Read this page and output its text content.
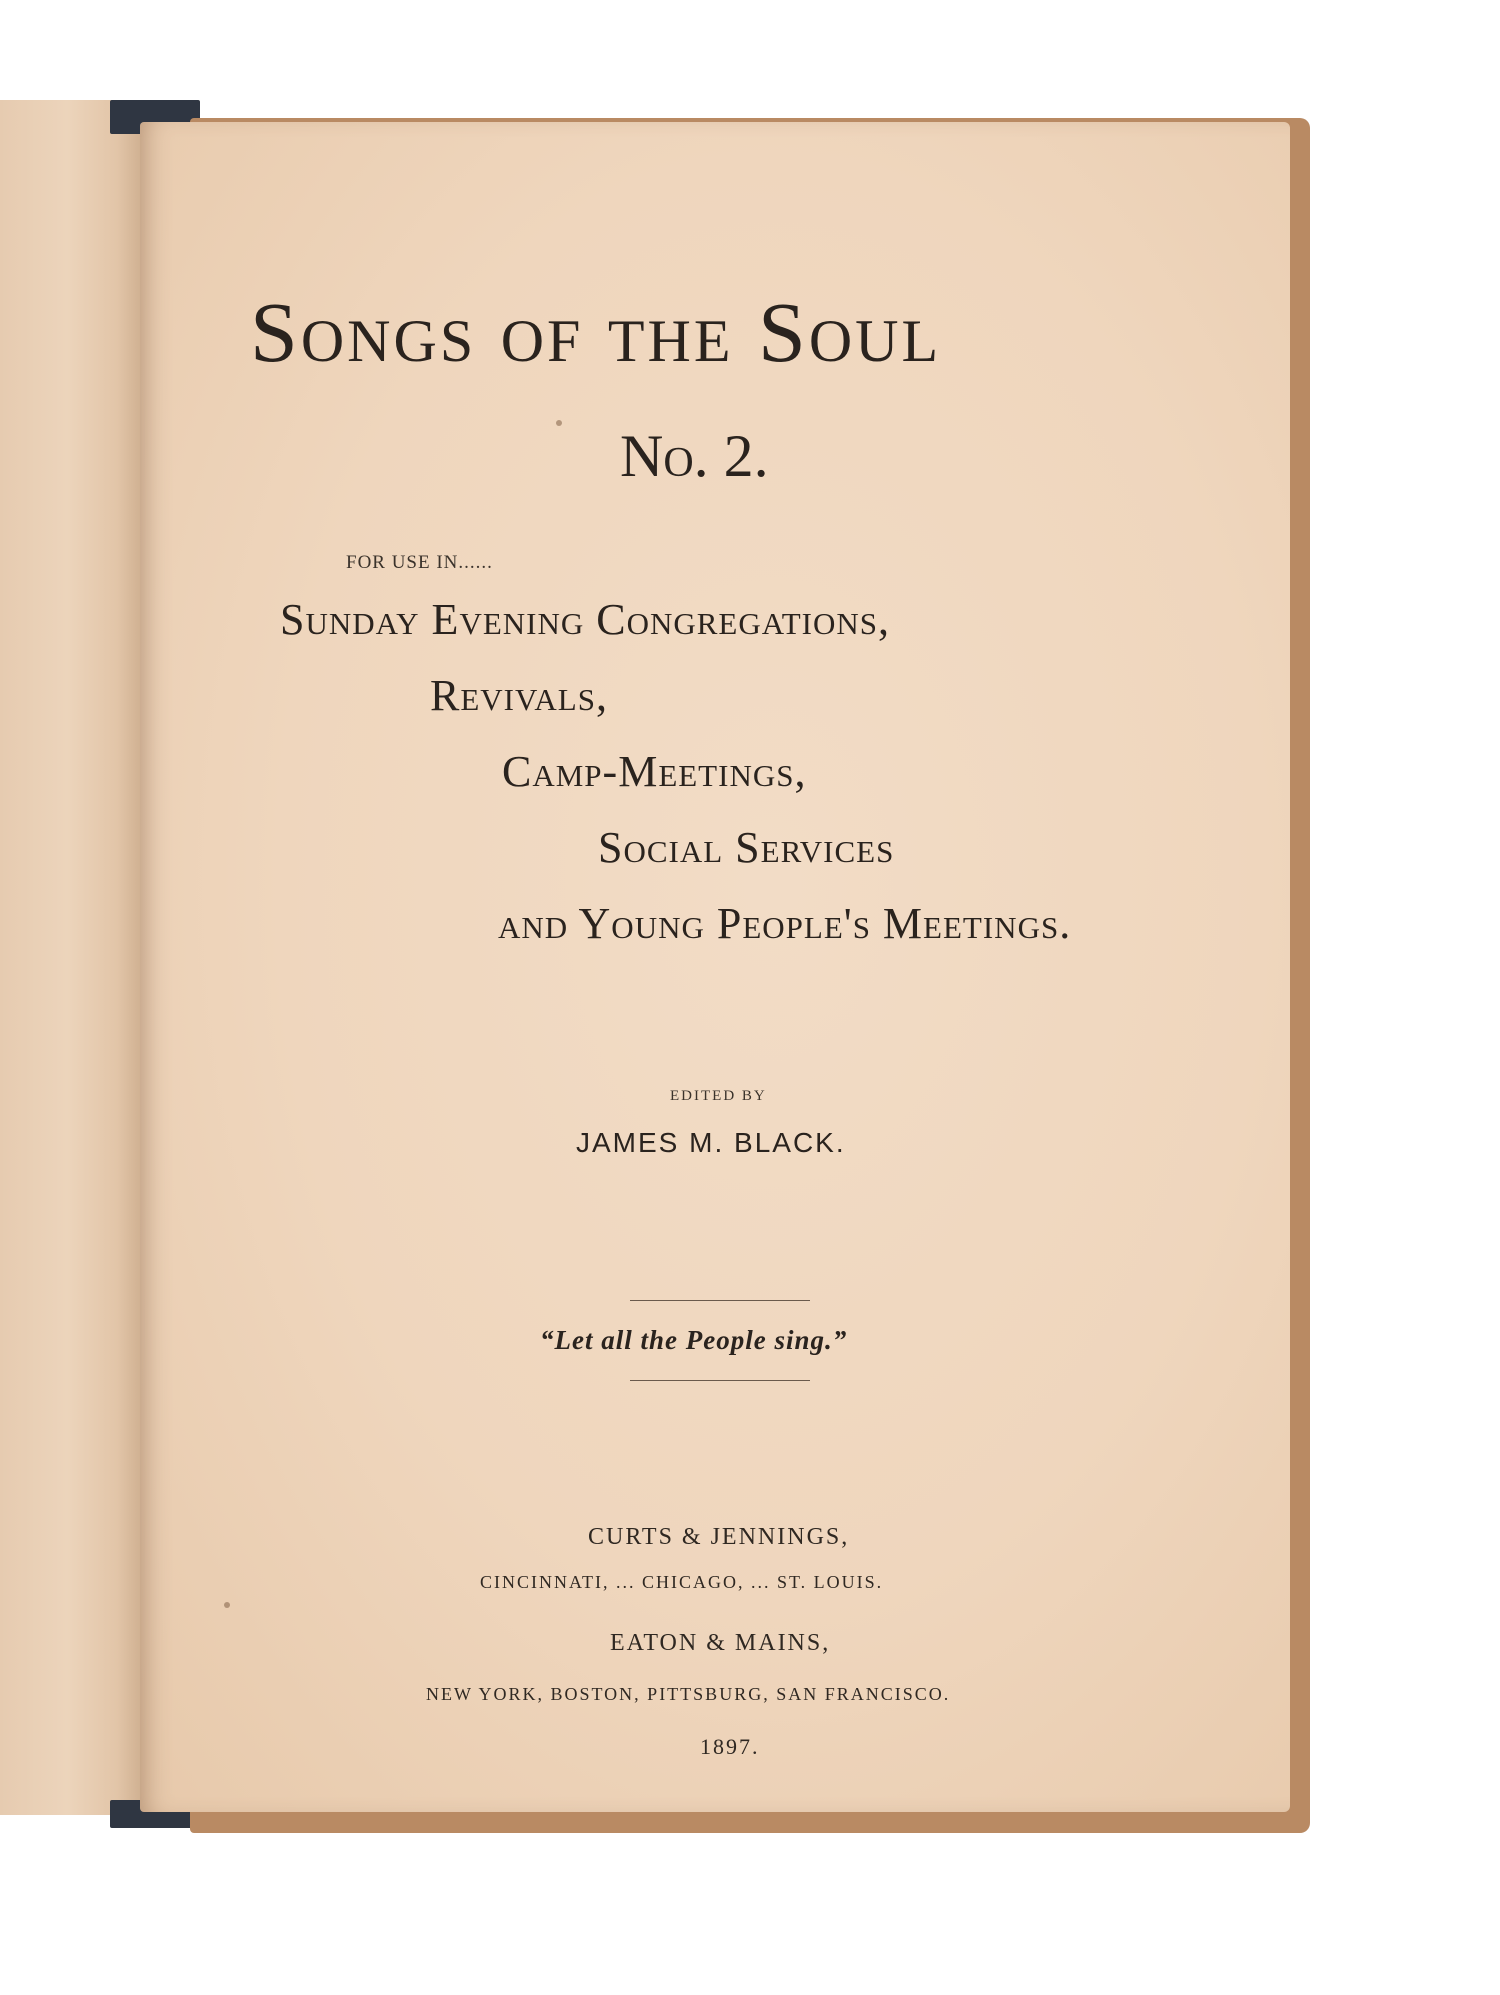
Songs of the Soul
No. 2.
FOR USE IN......
Sunday Evening Congregations,
Revivals,
Camp-Meetings,
Social Services
and Young People's Meetings.
EDITED BY
JAMES M. BLACK.
“Let all the People sing.”
CURTS & JENNINGS,
CINCINNATI, ... CHICAGO, ... ST. LOUIS.
EATON & MAINS,
NEW YORK, BOSTON, PITTSBURG, SAN FRANCISCO.
1897.
